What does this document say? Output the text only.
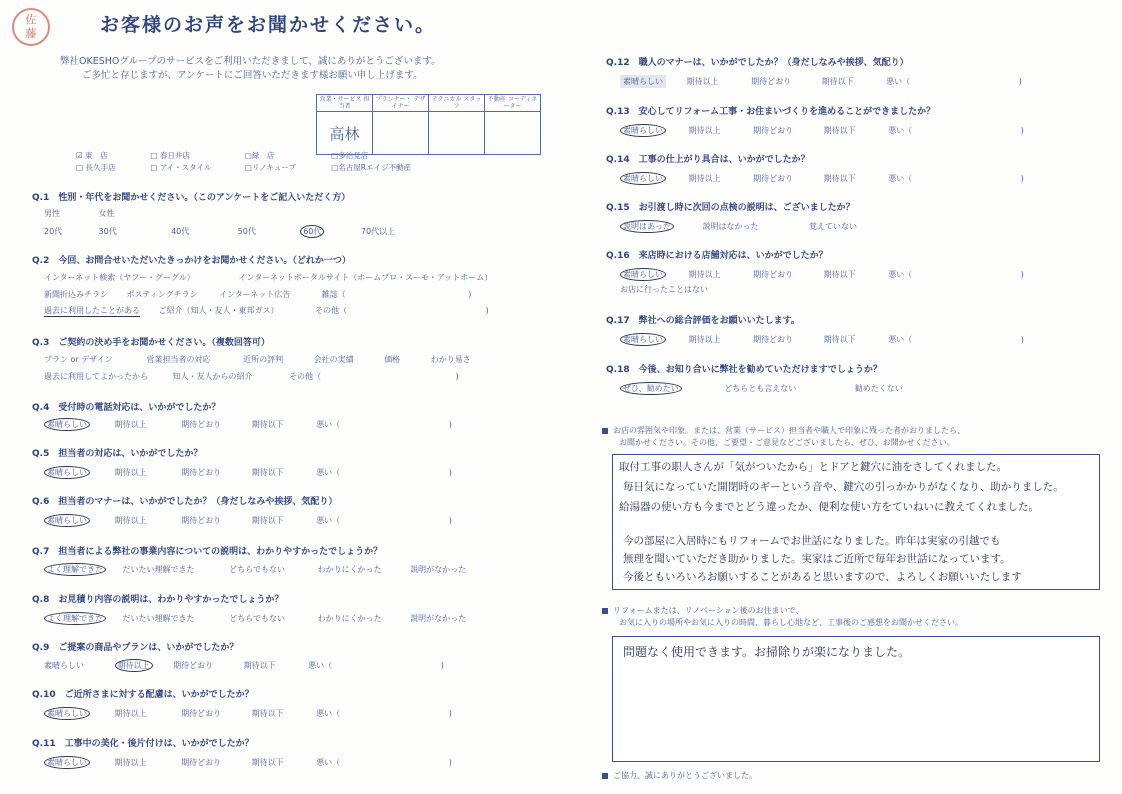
佐
藤	お客様のお声をお聞かせください。
弊社OKESHOグループのサービスをご利用いただきまして、誠にありがとうございます。
ご多忙と存じますが、アンケートにご回答いただきます様お願い申し上げます。
営業・サービス 担当者	プランナー・ デザイナー	テクニカル スタッフ	不動産 コーディネーター
高林			
☑ 東　店	□ 春日井店	□緑　店	□多治見店
□ 長久手店	□ アイ・スタイル	□リノキューブ	□名古屋Rエイジ不動産
Q.1　性別・年代をお聞かせください。（このアンケートをご記入いただく方）
男性	女性
20代	30代	40代	50代	60代	70代以上
Q.2　今回、お問合せいただいたきっかけをお聞かせください。（どれか一つ）
インターネット検索（ヤフー・グーグル）	インターネットポータルサイト（ホームプロ・スーモ・アットホーム）
新聞折込みチラシ ポスティングチラシ	インターネット広告	雑誌（	)
過去に利用したことがある ご紹介（知人・友人・東邦ガス）	その他（	)
Q.3　ご契約の決め手をお聞かせください。（複数回答可）
プラン or デザイン	営業担当者の対応	近所の評判	会社の実績	価格	わかり易さ
過去に利用してよかったから	知人・友人からの紹介	その他（	)
Q.4　受付時の電話対応は、いかがでしたか？
素晴らしい	期待以上	期待どおり	期待以下	悪い（	)
Q.5　担当者の対応は、いかがでしたか？
素晴らしい	期待以上	期待どおり	期待以下	悪い（	)
Q.6　担当者のマナーは、いかがでしたか？（身だしなみや挨拶、気配り）
素晴らしい	期待以上	期待どおり	期待以下	悪い（	)
Q.7　担当者による弊社の事業内容についての説明は、わかりやすかったでしょうか？
よく理解できた だいたい理解できた	どちらでもない	わかりにくかった	説明がなかった
Q.8　お見積り内容の説明は、わかりやすかったでしょうか？
よく理解できた だいたい理解できた	どちらでもない	わかりにくかった	説明がなかった
Q.9　ご提案の商品やプランは、いかがでしたか？
素晴らしい	期待以上	期待どおり	期待以下	悪い（	)
Q.10　ご近所さまに対する配慮は、いかがでしたか？
素晴らしい	期待以上	期待どおり	期待以下	悪い（	)
Q.11　工事中の美化・後片付けは、いかがでしたか？
素晴らしい	期待以上	期待どおり	期待以下	悪い（	)
Q.12　職人のマナーは、いかがでしたか？（身だしなみや挨拶、気配り）
素晴らしい	期待以上	期待どおり	期待以下	悪い（	)
Q.13　安心してリフォーム工事・お住まいづくりを進めることができましたか？
素晴らしい	期待以上	期待どおり	期待以下	悪い（	)
Q.14　工事の仕上がり具合は、いかがでしたか？
素晴らしい	期待以上	期待どおり	期待以下	悪い（	)
Q.15　お引渡し時に次回の点検の説明は、ございましたか？
説明はあった	説明はなかった	覚えていない
Q.16　来店時における店舗対応は、いかがでしたか？
素晴らしい	期待以上	期待どおり	期待以下	悪い（	)
お店に行ったことはない
Q.17　弊社への総合評価をお願いいたします。
素晴らしい	期待以上	期待どおり	期待以下	悪い（	)
Q.18　今後、お知り合いに弊社を勧めていただけますでしょうか？
ぜひ、勧めたい	どちらとも言えない	勧めたくない
お店の雰囲気や印象。または、営業（サービス）担当者や職人で印象に残った者がおりましたら、
お聞かせください。その他、ご要望・ご意見などございましたら、ぜひ、お聞かせください。
取付工事の职人さんが「気がついたから」とドアと鍵穴に油をさしてくれました。
毎日気になっていた開閉時のギーという音や、鍵穴の引っかかりがなくなり、助かりました。
給湯器の使い方も今までとどう違ったか、便利な使い方をていねいに教えてくれました。
今の部屋に入居時にもリフォームでお世話になりました。昨年は実家の引越でも
無理を聞いていただき助かりました。実家はご近所で毎年お世話になっています。
今後ともいろいろお願いすることがあると思いますので、よろしくお願いいたします
リフォームまたは、リノベーション後のお住まいで、
お気に入りの場所やお気に入りの時間、暮らし心地など、工事後のご感想をお聞かせください。
問題なく使用できます。お掃除りが楽になりました。
ご協力、誠にありがとうございました。
